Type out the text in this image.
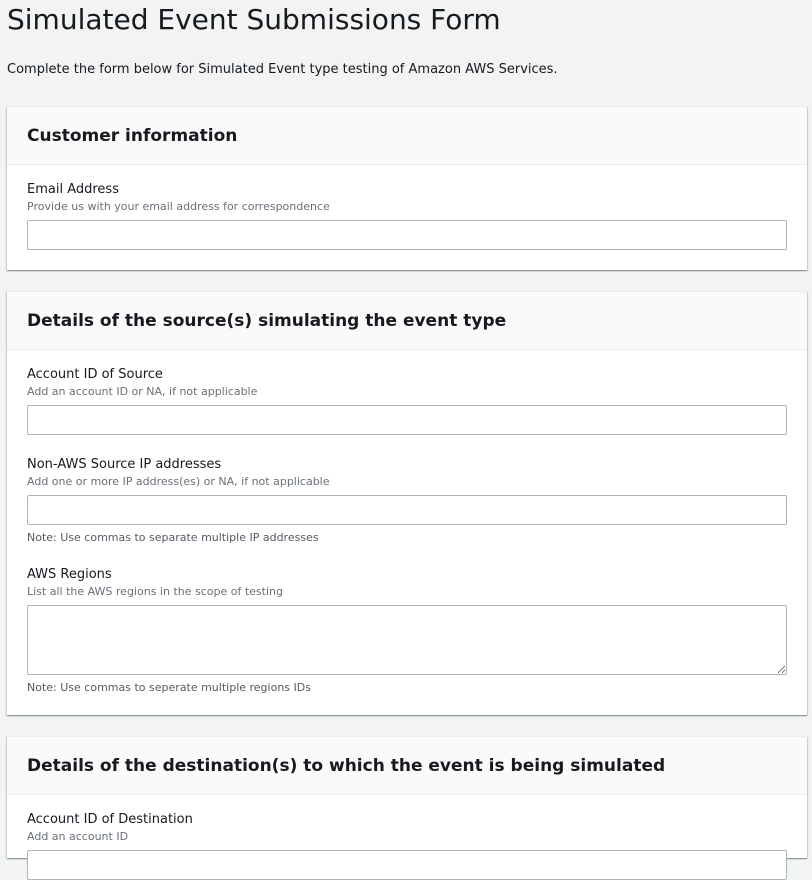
Simulated Event Submissions Form

Complete the form below for Simulated Event type testing of Amazon AWS Services.

Customer information
Email Address
Provide us with your email address for correspondence
Details of the source(s) simulating the event type
Account ID of Source
Add an account ID or NA, if not applicable
Non-AWS Source IP addresses
Add one or more IP address(es) or NA, if not applicable
Note: Use commas to separate multiple IP addresses
AWS Regions
List all the AWS regions in the scope of testing
Note: Use commas to seperate multiple regions IDs
Details of the destination(s) to which the event is being simulated
Account ID of Destination
Add an account ID
